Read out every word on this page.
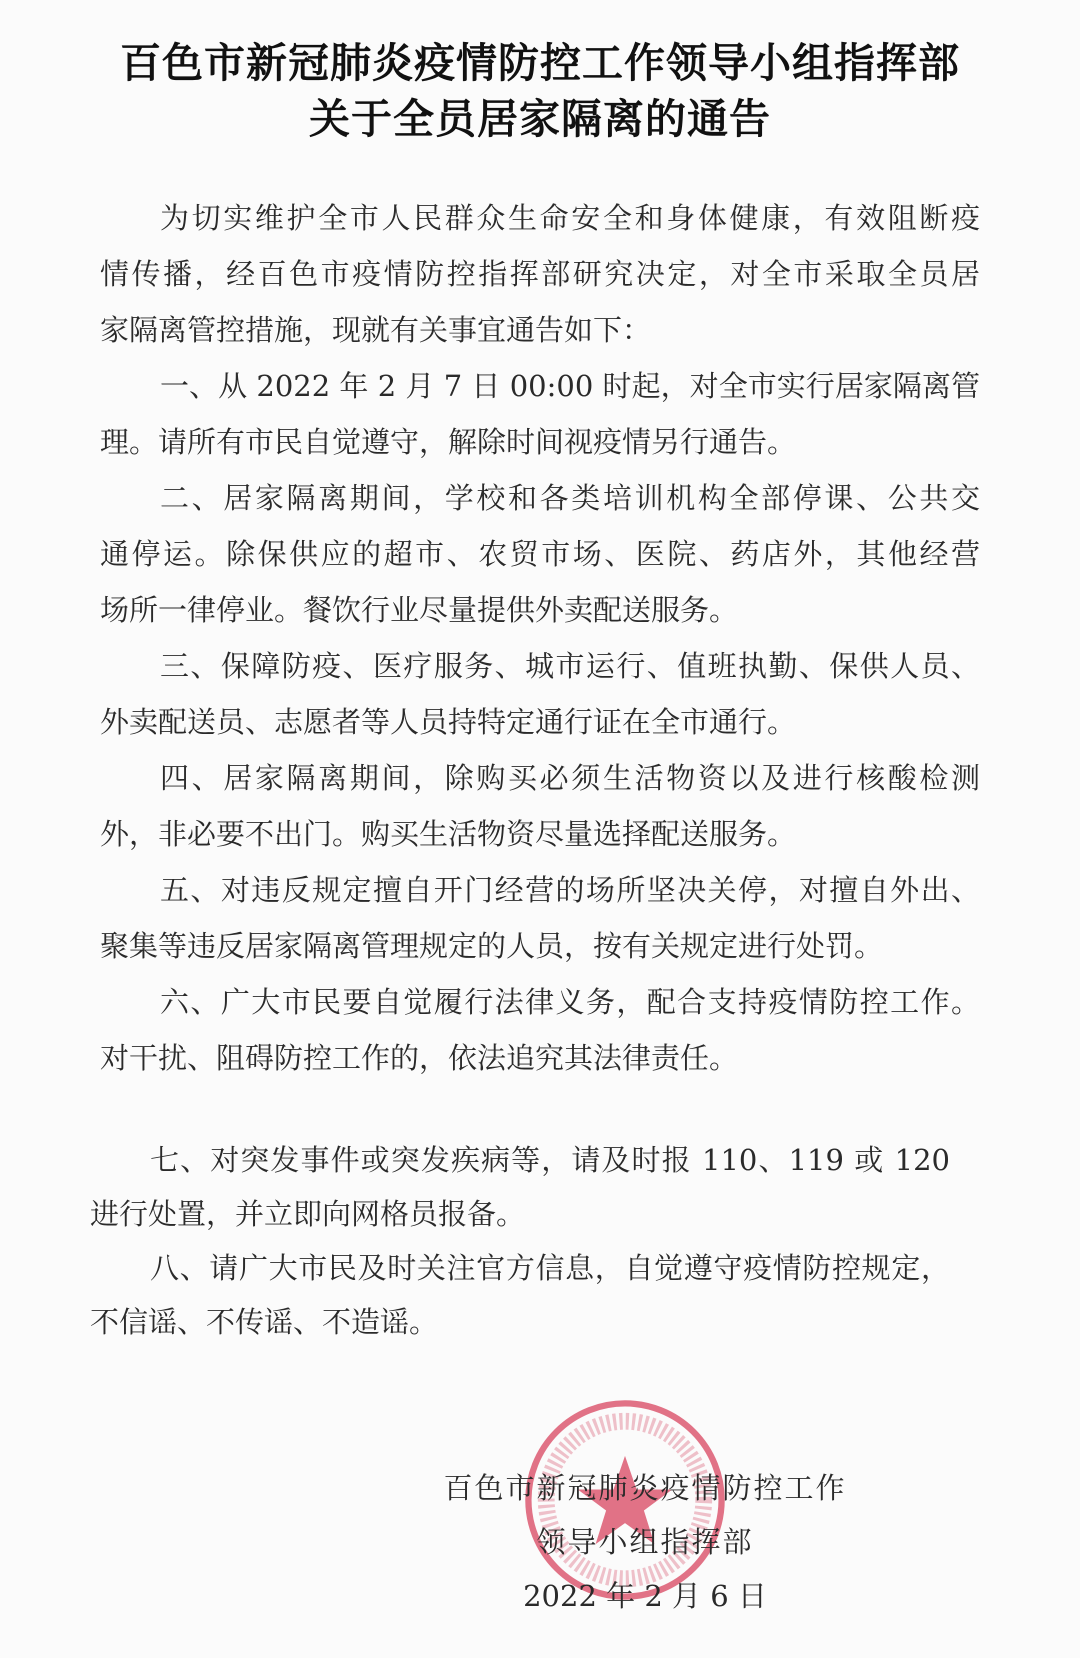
百色市新冠肺炎疫情防控工作领导小组指挥部
关于全员居家隔离的通告
为切实维护全市人民群众生命安全和身体健康，有效阻断疫
情传播，经百色市疫情防控指挥部研究决定，对全市采取全员居
家隔离管控措施，现就有关事宜通告如下：
一、从 2022 年 2 月 7 日 00:00 时起，对全市实行居家隔离管
理。请所有市民自觉遵守，解除时间视疫情另行通告。
二、居家隔离期间，学校和各类培训机构全部停课、公共交
通停运。除保供应的超市、农贸市场、医院、药店外，其他经营
场所一律停业。餐饮行业尽量提供外卖配送服务。
三、保障防疫、医疗服务、城市运行、值班执勤、保供人员、
外卖配送员、志愿者等人员持特定通行证在全市通行。
四、居家隔离期间，除购买必须生活物资以及进行核酸检测
外，非必要不出门。购买生活物资尽量选择配送服务。
五、对违反规定擅自开门经营的场所坚决关停，对擅自外出、
聚集等违反居家隔离管理规定的人员，按有关规定进行处罚。
六、广大市民要自觉履行法律义务，配合支持疫情防控工作。
对干扰、阻碍防控工作的，依法追究其法律责任。
七、对突发事件或突发疾病等，请及时报 110、119 或 120
进行处置，并立即向网格员报备。
八、请广大市民及时关注官方信息，自觉遵守疫情防控规定，
不信谣、不传谣、不造谣。
百色市新冠肺炎疫情防控工作
领导小组指挥部
2022 年 2 月 6 日
